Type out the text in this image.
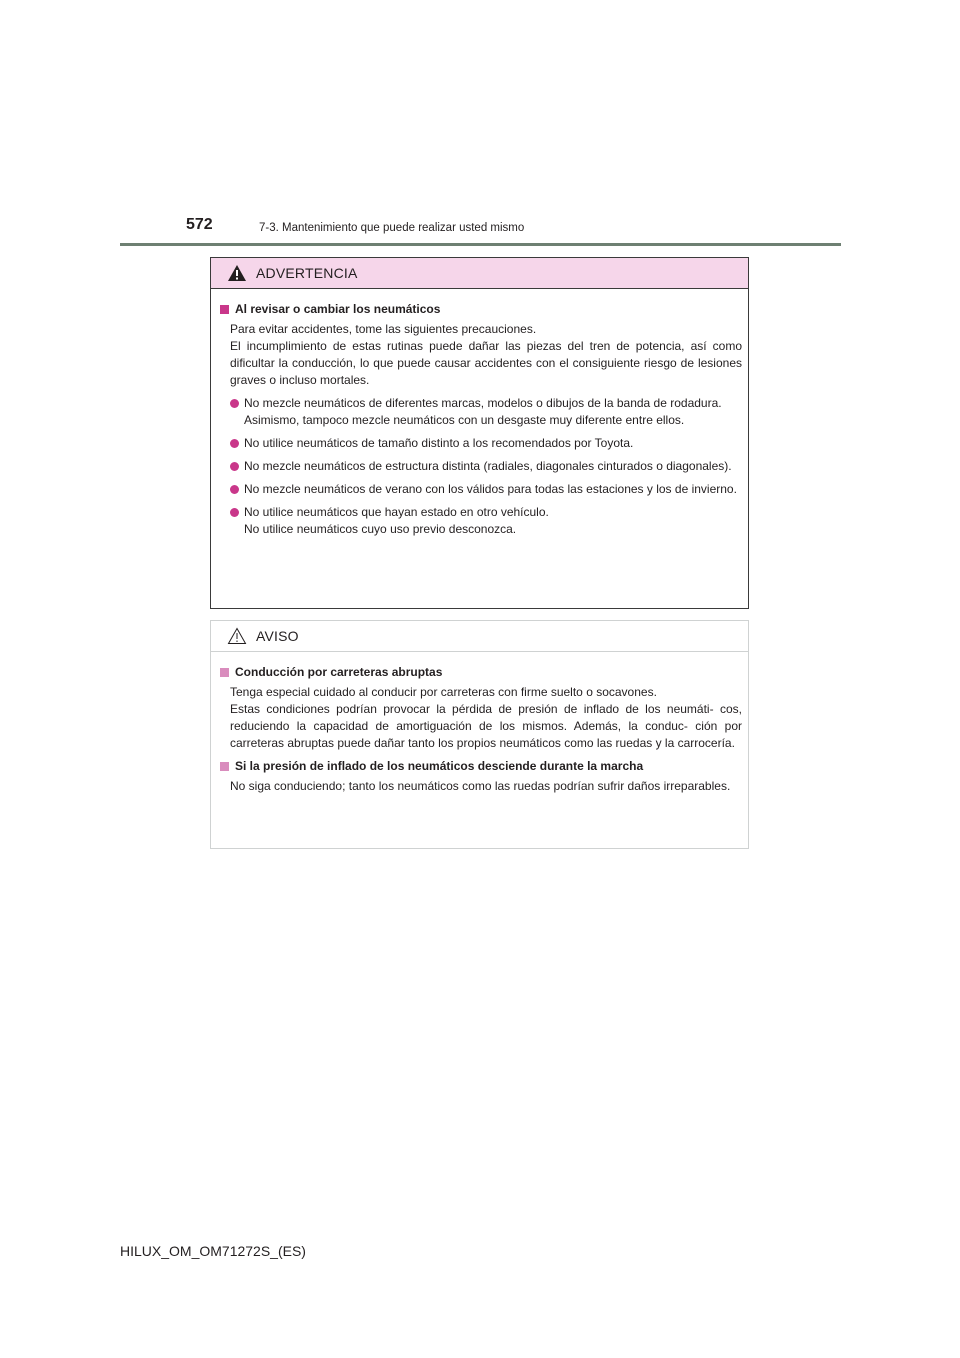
572	7-3. Mantenimiento que puede realizar usted mismo
ADVERTENCIA
Al revisar o cambiar los neumáticos
Para evitar accidentes, tome las siguientes precauciones.
El incumplimiento de estas rutinas puede dañar las piezas del tren de potencia, así como dificultar la conducción, lo que puede causar accidentes con el consiguiente riesgo de lesiones graves o incluso mortales.
No mezcle neumáticos de diferentes marcas, modelos o dibujos de la banda de rodadura.
Asimismo, tampoco mezcle neumáticos con un desgaste muy diferente entre ellos.
No utilice neumáticos de tamaño distinto a los recomendados por Toyota.
No mezcle neumáticos de estructura distinta (radiales, diagonales cinturados o diagonales).
No mezcle neumáticos de verano con los válidos para todas las estaciones y los de invierno.
No utilice neumáticos que hayan estado en otro vehículo.
No utilice neumáticos cuyo uso previo desconozca.
AVISO
Conducción por carreteras abruptas
Tenga especial cuidado al conducir por carreteras con firme suelto o socavones.
Estas condiciones podrían provocar la pérdida de presión de inflado de los neumáti- cos, reduciendo la capacidad de amortiguación de los mismos. Además, la conduc- ción por carreteras abruptas puede dañar tanto los propios neumáticos como las ruedas y la carrocería.
Si la presión de inflado de los neumáticos desciende durante la marcha
No siga conduciendo; tanto los neumáticos como las ruedas podrían sufrir daños irreparables.
HILUX_OM_OM71272S_(ES)
